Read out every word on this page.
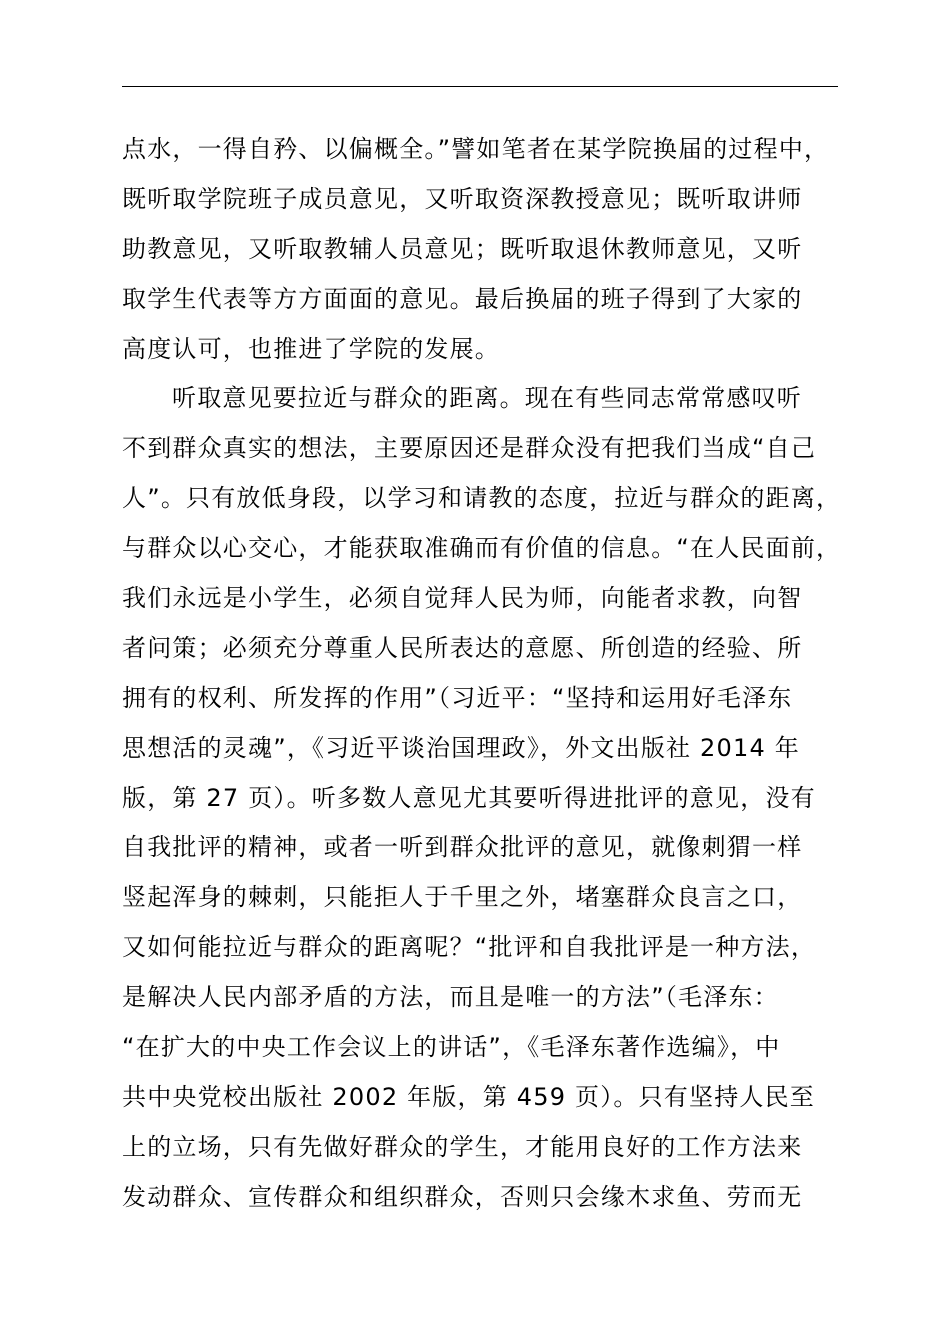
点水，一得自矜、以偏概全。”譬如笔者在某学院换届的过程中，
既听取学院班子成员意见，又听取资深教授意见；既听取讲师
助教意见，又听取教辅人员意见；既听取退休教师意见，又听
取学生代表等方方面面的意见。最后换届的班子得到了大家的
高度认可，也推进了学院的发展。
听取意见要拉近与群众的距离。现在有些同志常常感叹听
不到群众真实的想法，主要原因还是群众没有把我们当成“自己
人”。只有放低身段，以学习和请教的态度，拉近与群众的距离，
与群众以心交心，才能获取准确而有价值的信息。“在人民面前，
我们永远是小学生，必须自觉拜人民为师，向能者求教，向智
者问策；必须充分尊重人民所表达的意愿、所创造的经验、所
拥有的权利、所发挥的作用”（习近平：“坚持和运用好毛泽东
思想活的灵魂”，《习近平谈治国理政》，外文出版社 2014 年
版，第 27 页）。听多数人意见尤其要听得进批评的意见，没有
自我批评的精神，或者一听到群众批评的意见，就像刺猬一样
竖起浑身的棘刺，只能拒人于千里之外，堵塞群众良言之口，
又如何能拉近与群众的距离呢？“批评和自我批评是一种方法，
是解决人民内部矛盾的方法，而且是唯一的方法”（毛泽东：
“在扩大的中央工作会议上的讲话”，《毛泽东著作选编》，中
共中央党校出版社 2002 年版，第 459 页）。只有坚持人民至
上的立场，只有先做好群众的学生，才能用良好的工作方法来
发动群众、宣传群众和组织群众，否则只会缘木求鱼、劳而无
